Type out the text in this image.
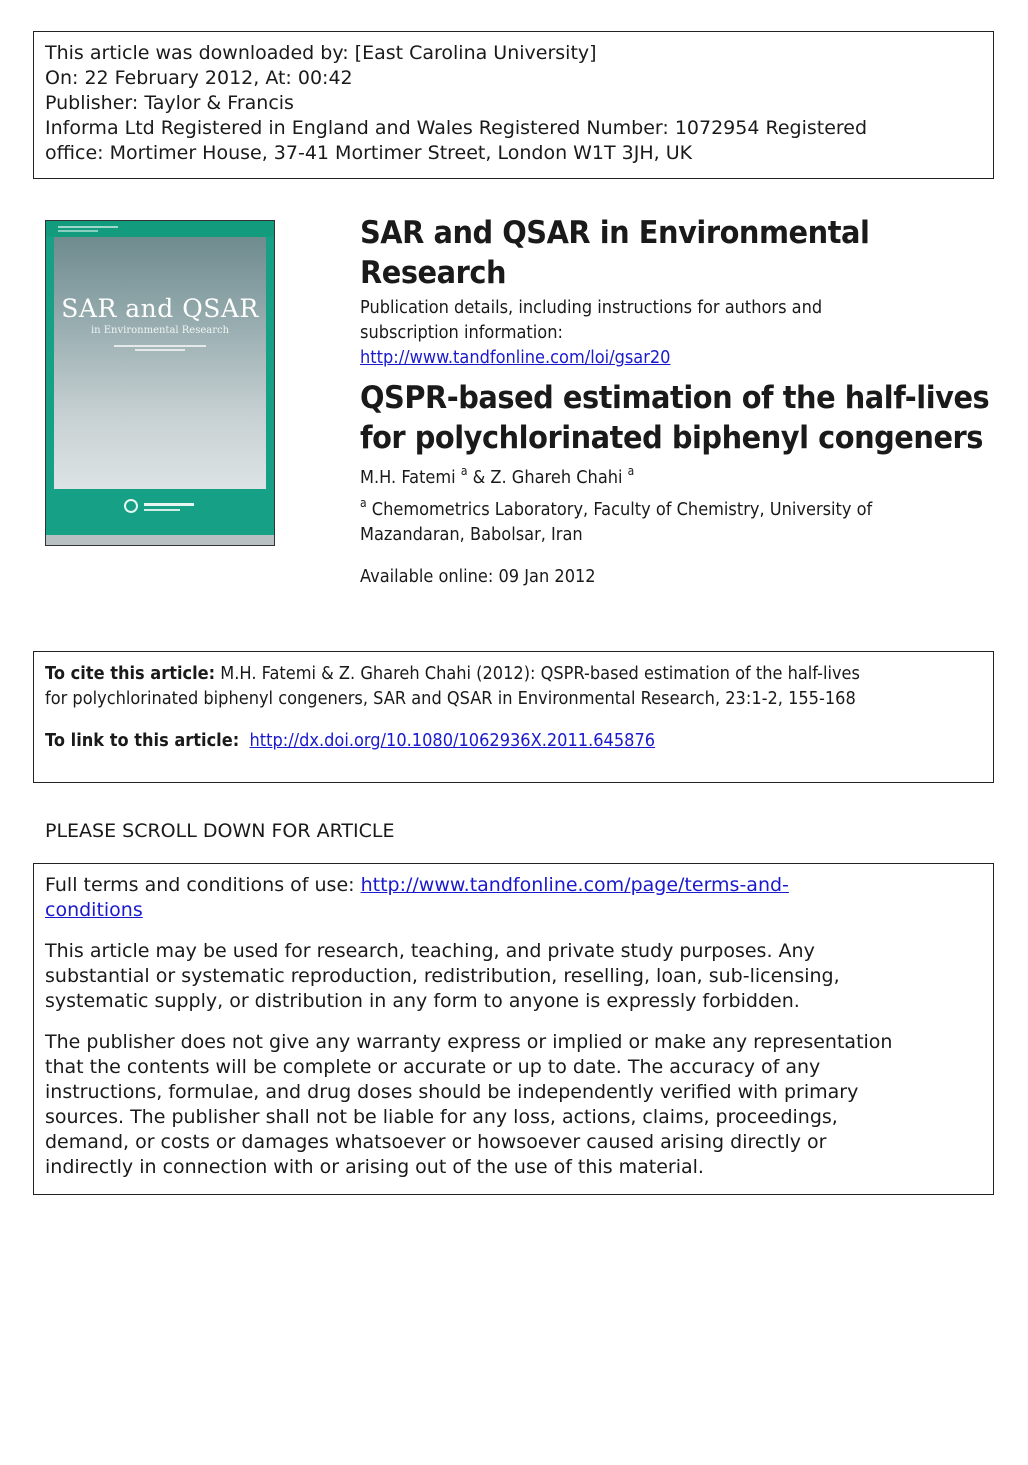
This article was downloaded by: [East Carolina University]
On: 22 February 2012, At: 00:42
Publisher: Taylor & Francis
Informa Ltd Registered in England and Wales Registered Number: 1072954 Registered
office: Mortimer House, 37-41 Mortimer Street, London W1T 3JH, UK
SAR and QSAR
in Environmental Research
SAR and QSAR in Environmental
Research
Publication details, including instructions for authors and
subscription information:
http://www.tandfonline.com/loi/gsar20
QSPR-based estimation of the half-lives
for polychlorinated biphenyl congeners
M.H. Fatemi $^a$ & Z. Ghareh Chahi $^a$
$^a$ Chemometrics Laboratory, Faculty of Chemistry, University of
Mazandaran, Babolsar, Iran
Available online: 09 Jan 2012
To cite this article: M.H. Fatemi & Z. Ghareh Chahi (2012): QSPR-based estimation of the half-lives
for polychlorinated biphenyl congeners, SAR and QSAR in Environmental Research, 23:1-2, 155-168
To link to this article: http://dx.doi.org/10.1080/1062936X.2011.645876
PLEASE SCROLL DOWN FOR ARTICLE

Full terms and conditions of use: http://www.tandfonline.com/page/terms-and-
conditions

This article may be used for research, teaching, and private study purposes. Any
substantial or systematic reproduction, redistribution, reselling, loan, sub-licensing,
systematic supply, or distribution in any form to anyone is expressly forbidden.

The publisher does not give any warranty express or implied or make any representation
that the contents will be complete or accurate or up to date. The accuracy of any
instructions, formulae, and drug doses should be independently verified with primary
sources. The publisher shall not be liable for any loss, actions, claims, proceedings,
demand, or costs or damages whatsoever or howsoever caused arising directly or
indirectly in connection with or arising out of the use of this material.
